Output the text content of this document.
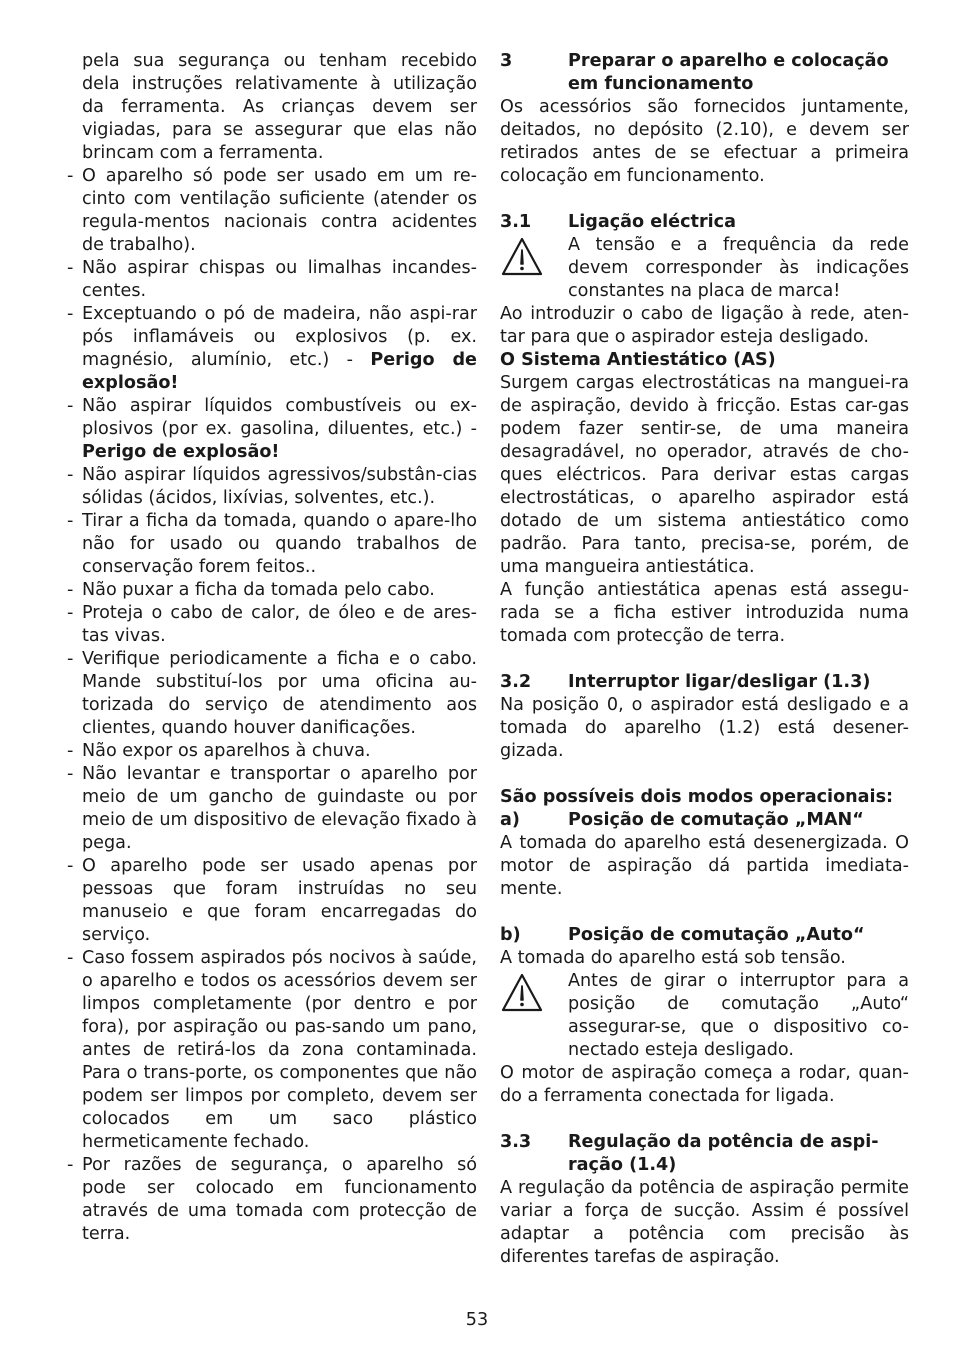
pela sua segurança ou tenham recebido dela instruções relativamente à utilização da ferramenta. As crianças devem ser vigiadas, para se assegurar que elas não brincam com a ferramenta.

- O aparelho só pode ser usado em um re-cinto com ventilação suficiente (atender os regula-mentos nacionais contra acidentes de trabalho).
- Não aspirar chispas ou limalhas incandes-centes.
- Exceptuando o pó de madeira, não aspi-rar pós inflamáveis ou explosivos (p. ex. magnésio, alumínio, etc.) - Perigo de explosão!
- Não aspirar líquidos combustíveis ou ex-plosivos (por ex. gasolina, diluentes, etc.) - Perigo de explosão!
- Não aspirar líquidos agressivos/substân-cias sólidas (ácidos, lixívias, solventes, etc.).
- Tirar a ficha da tomada, quando o apare-lho não for usado ou quando trabalhos de conservação forem feitos..
- Não puxar a ficha da tomada pelo cabo.
- Proteja o cabo de calor, de óleo e de ares-tas vivas.
- Verifique periodicamente a ficha e o cabo. Mande substituí-los por uma oficina au-torizada do serviço de atendimento aos clientes, quando houver danificações.
- Não expor os aparelhos à chuva.
- Não levantar e transportar o aparelho por meio de um gancho de guindaste ou por meio de um dispositivo de elevação fixado à pega.
- O aparelho pode ser usado apenas por pessoas que foram instruídas no seu manuseio e que foram encarregadas do serviço.
- Caso fossem aspirados pós nocivos à saúde, o aparelho e todos os acessórios devem ser limpos completamente (por dentro e por fora), por aspiração ou pas-sando um pano, antes de retirá-los da zona contaminada. Para o trans-porte, os componentes que não podem ser limpos por completo, devem ser colocados em um saco plástico hermeticamente fechado.
- Por razões de segurança, o aparelho só pode ser colocado em funcionamento através de uma tomada com protecção de terra.
3	Preparar o aparelho e colocação em funcionamento

Os acessórios são fornecidos juntamente, deitados, no depósito (2.10), e devem ser retirados antes de se efectuar a primeira colocação em funcionamento.

3.1 Ligação eléctrica
A tensão e a frequência da rede devem corresponder às indicações constantes na placa de marca!

Ao introduzir o cabo de ligação à rede, aten-tar para que o aspirador esteja desligado.

O Sistema Antiestático (AS)

Surgem cargas electrostáticas na manguei-ra de aspiração, devido à fricção. Estas car-gas podem fazer sentir-se, de uma maneira desagradável, no operador, através de cho-ques eléctricos. Para derivar estas cargas electrostáticas, o aparelho aspirador está dotado de um sistema antiestático como padrão. Para tanto, precisa-se, porém, de uma mangueira antiestática.

A função antiestática apenas está assegu-rada se a ficha estiver introduzida numa tomada com protecção de terra.

3.2 Interruptor ligar/desligar (1.3)

Na posição 0, o aspirador está desligado e a tomada do aparelho (1.2) está desener-gizada.

São possíveis dois modos operacionais:

a)	Posição de comutação „MAN“

A tomada do aparelho está desenergizada. O motor de aspiração dá partida imediata-mente.

b)	Posição de comutação „Auto“

A tomada do aparelho está sob tensão.

Antes de girar o interruptor para a posição de comutação „Auto“ assegurar-se, que o dispositivo co-nectado esteja desligado.

O motor de aspiração começa a rodar, quan-do a ferramenta conectada for ligada.

3.3 Regulação da potência de aspi-ração (1.4)

A regulação da potência de aspiração permite variar a força de sucção. Assim é possível adaptar a potência com precisão às diferentes tarefas de aspiração.

53
